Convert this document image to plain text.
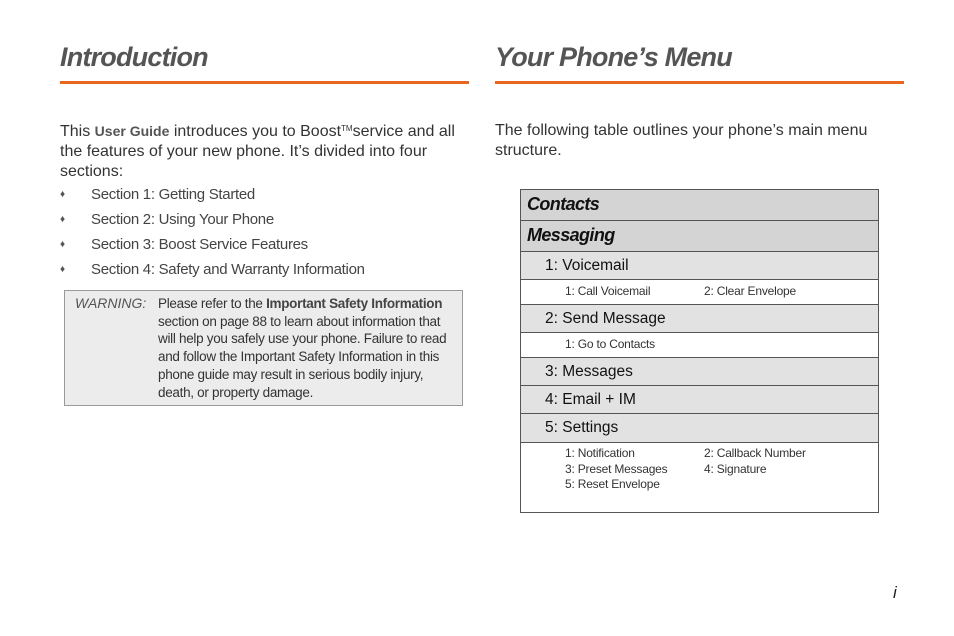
Introduction
This User Guide introduces you to Boost™service and all the features of your new phone. It’s divided into four sections:
♦ Section 1: Getting Started
♦ Section 2: Using Your Phone
♦ Section 3: Boost Service Features
♦ Section 4: Safety and Warranty Information
WARNING: Please refer to the Important Safety Information section on page 88 to learn about information that will help you safely use your phone. Failure to read and follow the Important Safety Information in this phone guide may result in serious bodily injury, death, or property damage.
Your Phone’s Menu
The following table outlines your phone’s main menu structure.
Contacts
Messaging
1: Voicemail
1: Call Voicemail	2: Clear Envelope
2: Send Message
1: Go to Contacts
3: Messages
4: Email + IM
5: Settings
1: Notification	2: Callback Number
3: Preset Messages	4: Signature
5: Reset Envelope
i
